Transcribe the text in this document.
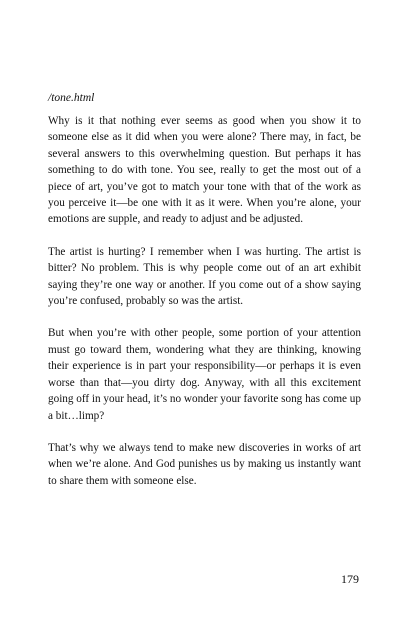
/tone.html

Why is it that nothing ever seems as good when you show it to someone else as it did when you were alone? There may, in fact, be several answers to this overwhelming question. But perhaps it has something to do with tone. You see, really to get the most out of a piece of art, you’ve got to match your tone with that of the work as you perceive it—be one with it as it were. When you’re alone, your emotions are supple, and ready to adjust and be adjusted.

The artist is hurting? I remember when I was hurting. The artist is bitter? No problem. This is why people come out of an art exhibit saying they’re one way or another. If you come out of a show saying you’re confused, probably so was the artist.

But when you’re with other people, some portion of your attention must go toward them, wondering what they are thinking, knowing their experience is in part your responsibility—or perhaps it is even worse than that—you dirty dog. Anyway, with all this excitement going off in your head, it’s no wonder your favorite song has come up a bit…limp?

That’s why we always tend to make new discoveries in works of art when we’re alone. And God punishes us by making us instantly want to share them with someone else.

179
